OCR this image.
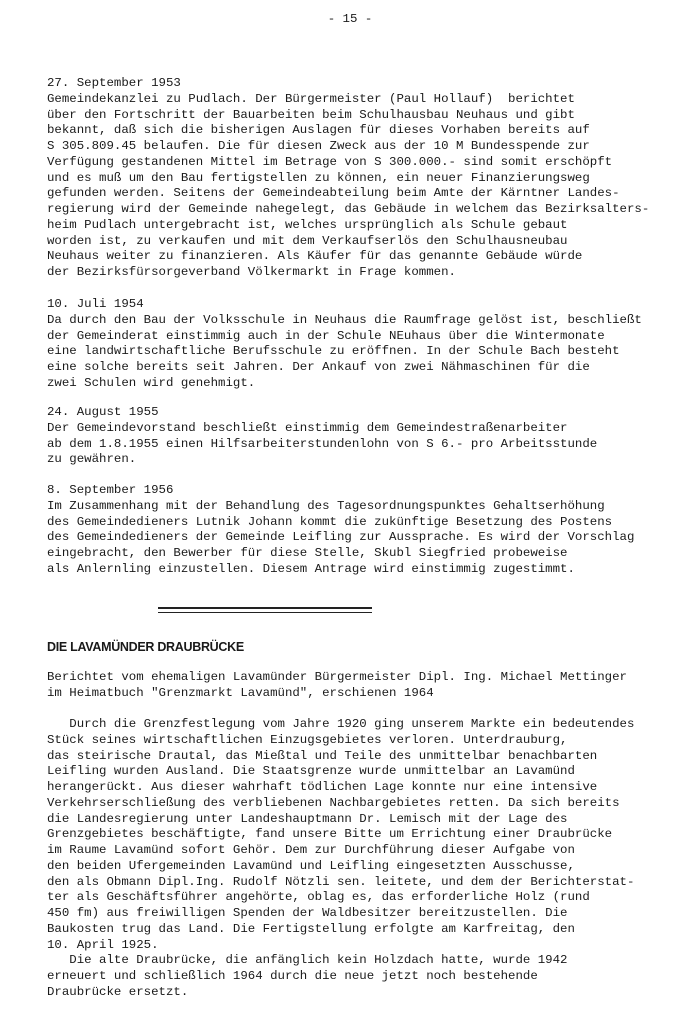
- 15 -
27. September 1953
Gemeindekanzlei zu Pudlach. Der Bürgermeister (Paul Hollauf)  berichtet
über den Fortschritt der Bauarbeiten beim Schulhausbau Neuhaus und gibt
bekannt, daß sich die bisherigen Auslagen für dieses Vorhaben bereits auf
S 305.809.45 belaufen. Die für diesen Zweck aus der 10 M Bundesspende zur
Verfügung gestandenen Mittel im Betrage von S 300.000.- sind somit erschöpft
und es muß um den Bau fertigstellen zu können, ein neuer Finanzierungsweg
gefunden werden. Seitens der Gemeindeabteilung beim Amte der Kärntner Landes-
regierung wird der Gemeinde nahegelegt, das Gebäude in welchem das Bezirksalters-
heim Pudlach untergebracht ist, welches ursprünglich als Schule gebaut
worden ist, zu verkaufen und mit dem Verkaufserlös den Schulhausneubau
Neuhaus weiter zu finanzieren. Als Käufer für das genannte Gebäude würde
der Bezirksfürsorgeverband Völkermarkt in Frage kommen.
10. Juli 1954
Da durch den Bau der Volksschule in Neuhaus die Raumfrage gelöst ist, beschließt
der Gemeinderat einstimmig auch in der Schule NEuhaus über die Wintermonate
eine landwirtschaftliche Berufsschule zu eröffnen. In der Schule Bach besteht
eine solche bereits seit Jahren. Der Ankauf von zwei Nähmaschinen für die
zwei Schulen wird genehmigt.
24. August 1955
Der Gemeindevorstand beschließt einstimmig dem Gemeindestraßenarbeiter
ab dem 1.8.1955 einen Hilfsarbeiterstundenlohn von S 6.- pro Arbeitsstunde
zu gewähren.
8. September 1956
Im Zusammenhang mit der Behandlung des Tagesordnungspunktes Gehaltserhöhung
des Gemeindedieners Lutnik Johann kommt die zukünftige Besetzung des Postens
des Gemeindedieners der Gemeinde Leifling zur Aussprache. Es wird der Vorschlag
eingebracht, den Bewerber für diese Stelle, Skubl Siegfried probeweise
als Anlernling einzustellen. Diesem Antrage wird einstimmig zugestimmt.
DIE LAVAMÜNDER DRAUBRÜCKE
Berichtet vom ehemaligen Lavamünder Bürgermeister Dipl. Ing. Michael Mettinger
im Heimatbuch "Grenzmarkt Lavamünd", erschienen 1964
Durch die Grenzfestlegung vom Jahre 1920 ging unserem Markte ein bedeutendes
Stück seines wirtschaftlichen Einzugsgebietes verloren. Unterdrauburg,
das steirische Drautal, das Mießtal und Teile des unmittelbar benachbarten
Leifling wurden Ausland. Die Staatsgrenze wurde unmittelbar an Lavamünd
herangerückt. Aus dieser wahrhaft tödlichen Lage konnte nur eine intensive
Verkehrserschließung des verbliebenen Nachbargebietes retten. Da sich bereits
die Landesregierung unter Landeshauptmann Dr. Lemisch mit der Lage des
Grenzgebietes beschäftigte, fand unsere Bitte um Errichtung einer Draubrücke
im Raume Lavamünd sofort Gehör. Dem zur Durchführung dieser Aufgabe von
den beiden Ufergemeinden Lavamünd und Leifling eingesetzten Ausschusse,
den als Obmann Dipl.Ing. Rudolf Nötzli sen. leitete, und dem der Berichterstat-
ter als Geschäftsführer angehörte, oblag es, das erforderliche Holz (rund
450 fm) aus freiwilligen Spenden der Waldbesitzer bereitzustellen. Die
Baukosten trug das Land. Die Fertigstellung erfolgte am Karfreitag, den
10. April 1925.
Die alte Draubrücke, die anfänglich kein Holzdach hatte, wurde 1942
erneuert und schließlich 1964 durch die neue jetzt noch bestehende
Draubrücke ersetzt.
